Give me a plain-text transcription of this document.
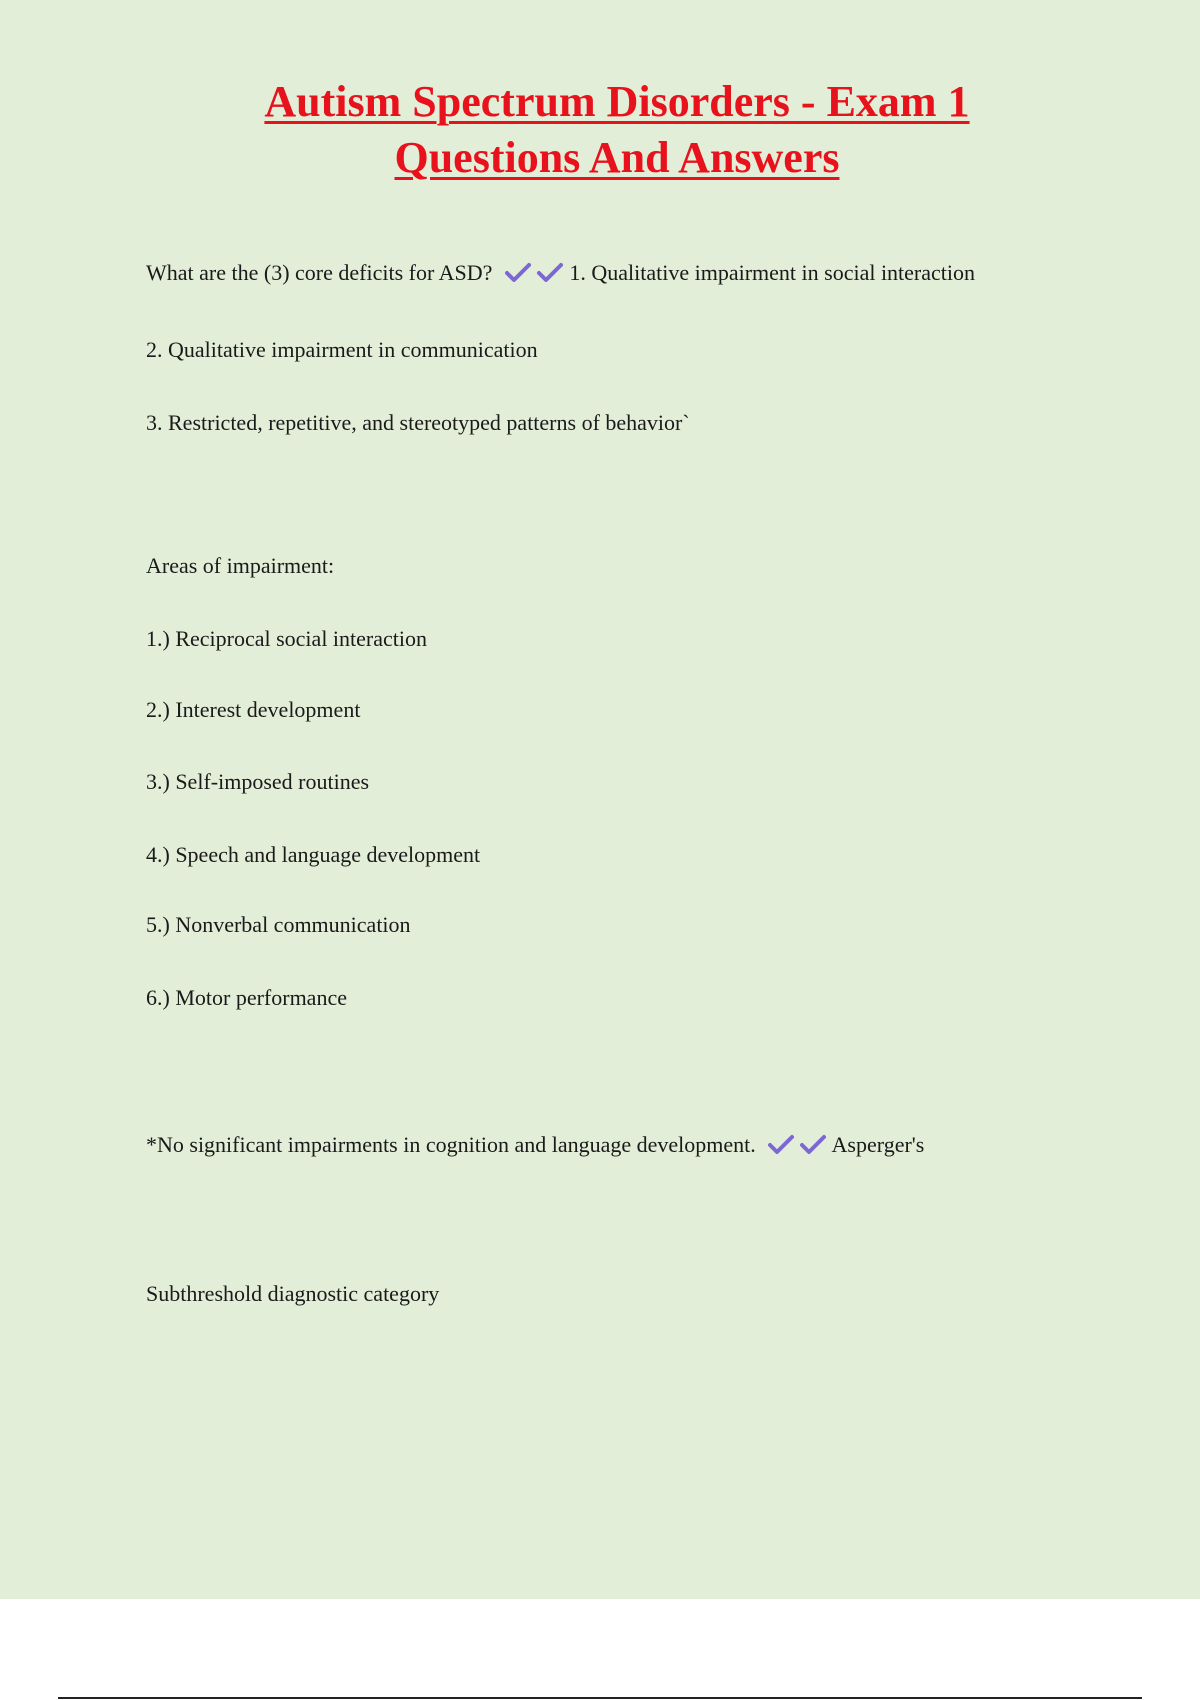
Autism Spectrum Disorders - Exam 1
Questions And Answers
What are the (3) core deficits for ASD?	1. Qualitative impairment in social interaction
2. Qualitative impairment in communication
3. Restricted, repetitive, and stereotyped patterns of behavior`
Areas of impairment:
1.) Reciprocal social interaction
2.) Interest development
3.) Self-imposed routines
4.) Speech and language development
5.) Nonverbal communication
6.) Motor performance
*No significant impairments in cognition and language development.	Asperger's
Subthreshold diagnostic category
